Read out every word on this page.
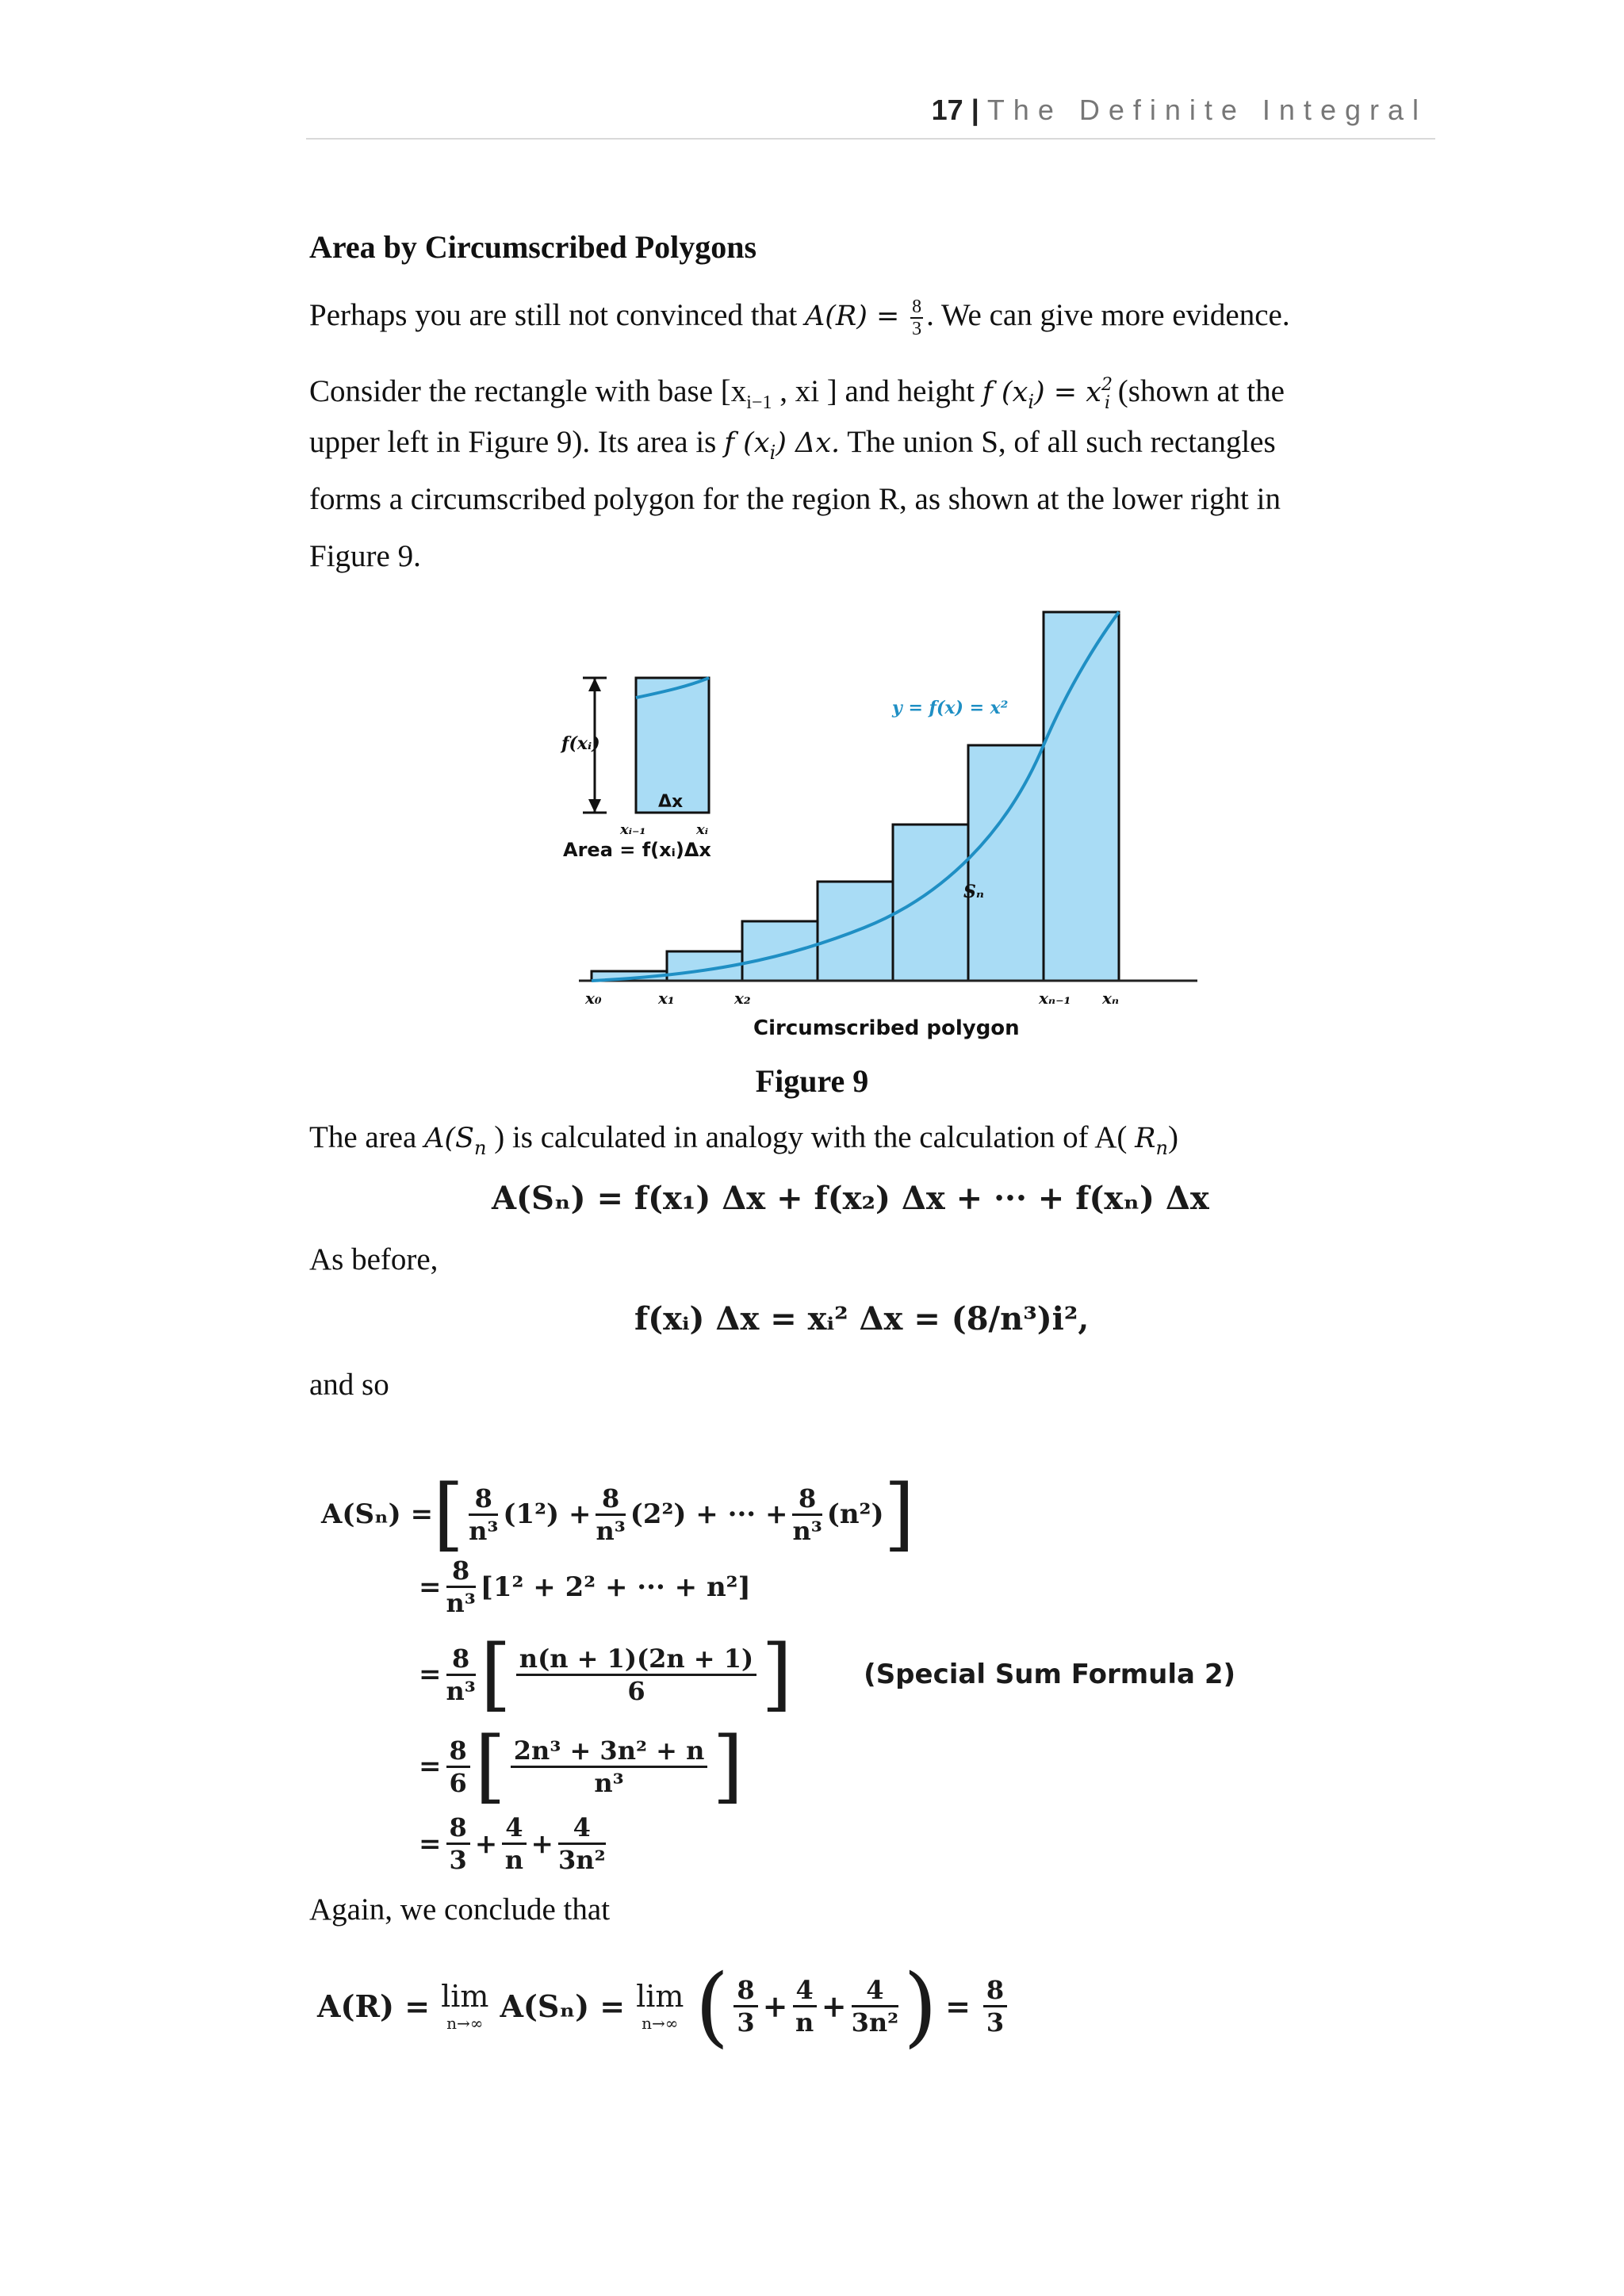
17 | The Definite Integral
Area by Circumscribed Polygons
Perhaps you are still not convinced that $A(R) = \frac{8}{3}$ . We can give more evidence.
Consider the rectangle with base [$x_{i-1}$ , xi ] and height f $(x_i) = x^2_i$ (shown at the
upper left in Figure 9). Its area is f $(x_i)$ Δx. The union S, of all such rectangles
forms a circumscribed polygon for the region R, as shown at the lower right in
Figure 9.
f(xᵢ)
Δx
xᵢ₋₁	xᵢ
Area = f(xᵢ)Δx
y = f(x) = x²
Sₙ
x₀	x₁	x₂	xₙ₋₁ xₙ
Circumscribed polygon
Figure 9
The area $A(S_n$ ) is calculated in analogy with the calculation of A( $R_n$)
A(Sₙ) = f(x₁) Δx + f(x₂) Δx + ··· + f(xₙ) Δx
As before,
f(xᵢ) Δx = xᵢ² Δx = (8/n³)i²,
and so
A(Sₙ) = [ $\frac{8}{\text{n³}} (1^2) + \frac{8}{\text{n³}} (2^2)$ + ··· + $\frac{8}{\text{n³}} (n^2)$ ]
= $\frac{8}{\text{n³}} [1^2 + 2^2$ + ··· + n²]
= $\frac{8}{\text{n³}}$ [ $\frac{n(n + 1)(2n + 1)}{6}$ ]	(Special Sum Formula 2)
= $\frac{8}{6}$ [ $\frac{\text{2n³ + 3n² + n}}{\text{n³}}$ ]
= $\frac{8}{3} + \frac{4}{n} + \frac{4}{\text{3n²}}$
Again, we conclude that
A(R) = lim
n→∞ A(Sₙ) = lim
n→∞ ( $\frac{8}{3} + \frac{4}{n} + \frac{4}{\text{3n²}}$ ) = $\frac{8}{3}$
